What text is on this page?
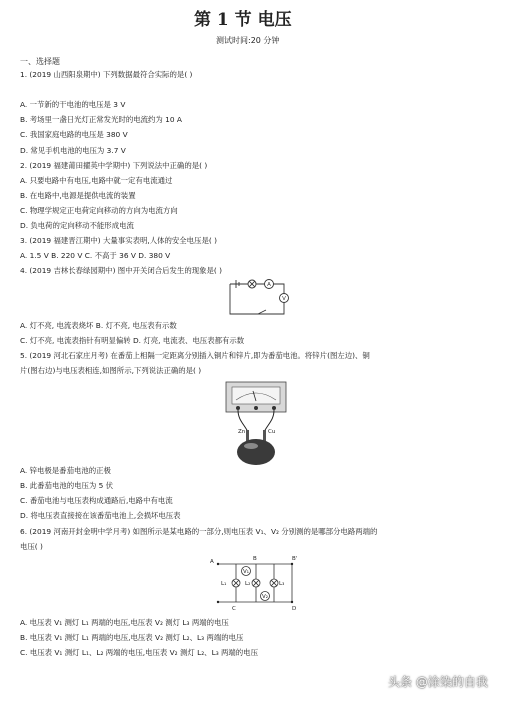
第 1 节 电压
测试时间:20 分钟
一、选择题
1. (2019 山西阳泉期中) 下列数据最符合实际的是( )
A. 一节新的干电池的电压是 3 V
B. 考场里一盏日光灯正常发光时的电流约为 10 A
C. 我国家庭电路的电压是 380 V
D. 常见手机电池的电压为 3.7 V
2. (2019 福建莆田擢英中学期中) 下列说法中正确的是( )
A. 只要电路中有电压,电路中就一定有电流通过
B. 在电路中,电源是提供电流的装置
C. 物理学规定正电荷定向移动的方向为电流方向
D. 负电荷的定向移动不能形成电流
3. (2019 福建晋江期中) 大量事实表明,人体的安全电压是( )
A. 1.5 V B. 220 V C. 不高于 36 V D. 380 V
4. (2019 吉林长春绿园期中) 图中开关闭合后发生的现象是( )
A
V
A. 灯不亮, 电流表烧坏 B. 灯不亮, 电压表有示数
C. 灯不亮, 电流表指针有明显偏转 D. 灯亮, 电流表、电压表都有示数
5. (2019 河北石家庄月考) 在番茄上相隔一定距离分别插入铜片和锌片,即为番茄电池。将锌片(图左边)、铜
片(图右边)与电压表相连,如图所示,下列说法正确的是( )
Zn	Cu
A. 锌电极是番茄电池的正极
B. 此番茄电池的电压为 5 伏
C. 番茄电池与电压表构成通路后,电路中有电流
D. 将电压表直接接在该番茄电池上,会损坏电压表
6. (2019 河南开封金明中学月考) 如图所示是某电路的一部分,则电压表 V₁、V₂ 分别测的是哪部分电路两端的
电压( )
A	B	B'
C	D
L₁	L₂	L₃
V₁
V₂
A. 电压表 V₁ 测灯 L₁ 两端的电压,电压表 V₂ 测灯 L₃ 两端的电压
B. 电压表 V₁ 测灯 L₁ 两端的电压,电压表 V₂ 测灯 L₂、L₃ 两端的电压
C. 电压表 V₁ 测灯 L₁、L₂ 两端的电压,电压表 V₂ 测灯 L₂、L₃ 两端的电压
头条 @涂染的自我
